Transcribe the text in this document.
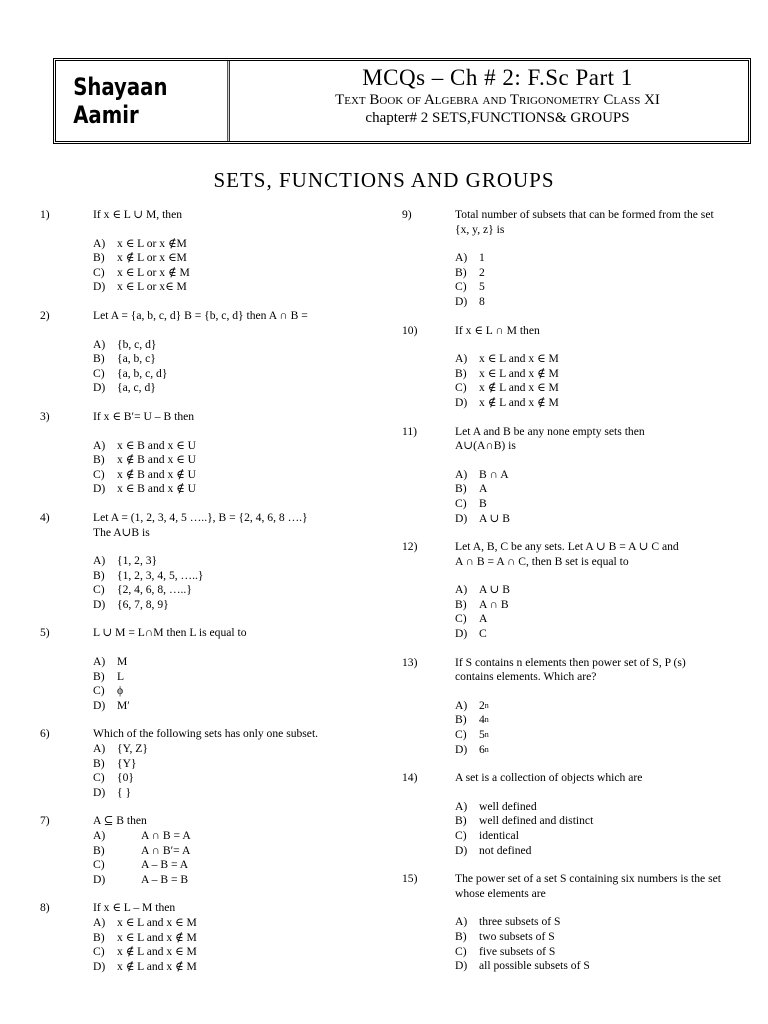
Shayaan Aamir
MCQs – Ch # 2: F.Sc Part 1
Text Book of Algebra and Trigonometry Class XI
chapter# 2 SETS,FUNCTIONS& GROUPS
SETS, FUNCTIONS AND GROUPS
1)	If x ∈ L ∪ M, then
A)	x ∈ L or x ∉M
B)	x ∉ L or x ∈M
C)	x ∈ L or x ∉ M
D)	x ∈ L or x∈ M
2)	Let A = {a, b, c, d} B = {b, c, d} then A ∩ B =
A)	{b, c, d}
B)	{a, b, c}
C)	{a, b, c, d}
D)	{a, c, d}
3)	If x ∈ B′= U – B then
A)	x ∈ B and x ∈ U
B)	x ∉ B and x ∈ U
C)	x ∉ B and x ∉ U
D)	x ∈ B and x ∉ U
4)	Let A = (1, 2, 3, 4, 5 …..}, B = {2, 4, 6, 8 ….}
The A∪B is
A)	{1, 2, 3}
B)	{1, 2, 3, 4, 5, …..}
C)	{2, 4, 6, 8, …..}
D)	{6, 7, 8, 9}
5)	L ∪ M = L∩M then L is equal to
A)	M
B)	L
C)	ϕ
D)	M′
6)	Which of the following sets has only one subset.
A)	{Y, Z}
B)	{Y}
C)	{0}
D)	{ }
7)	A ⊆ B then
A)	A ∩ B = A
B)	A ∩ B′= A
C)	A – B = A
D)	A – B = B
8)	If x ∈ L – M then
A)	x ∈ L and x ∈ M
B)	x ∈ L and x ∉ M
C)	x ∉ L and x ∈ M
D)	x ∉ L and x ∉ M
9)	Total number of subsets that can be formed from the set {x, y, z} is
A)	1
B)	2
C)	5
D)	8
10)	If x ∈ L ∩ M then
A)	x ∈ L and x ∈ M
B)	x ∈ L and x ∉ M
C)	x ∉ L and x ∈ M
D)	x ∉ L and x ∉ M
11)	Let A and B be any none empty sets then
A∪(A∩B) is
A)	B ∩ A
B)	A
C)	B
D)	A ∪ B
12)	Let A, B, C be any sets. Let A ∪ B = A ∪ C and
A ∩ B = A ∩ C, then B set is equal to
A)	A ∪ B
B)	A ∩ B
C)	A
D)	C
13)	If S contains n elements then power set of S, P (s) contains elements. Which are?
A)	2 n
B)	4 n
C)	5 n
D)	6 n
14)	A set is a collection of objects which are
A)	well defined
B)	well defined and distinct
C)	identical
D)	not defined
15)	The power set of a set S containing six numbers is the set whose elements are
A)	three subsets of S
B)	two subsets of S
C)	five subsets of S
D)	all possible subsets of S
